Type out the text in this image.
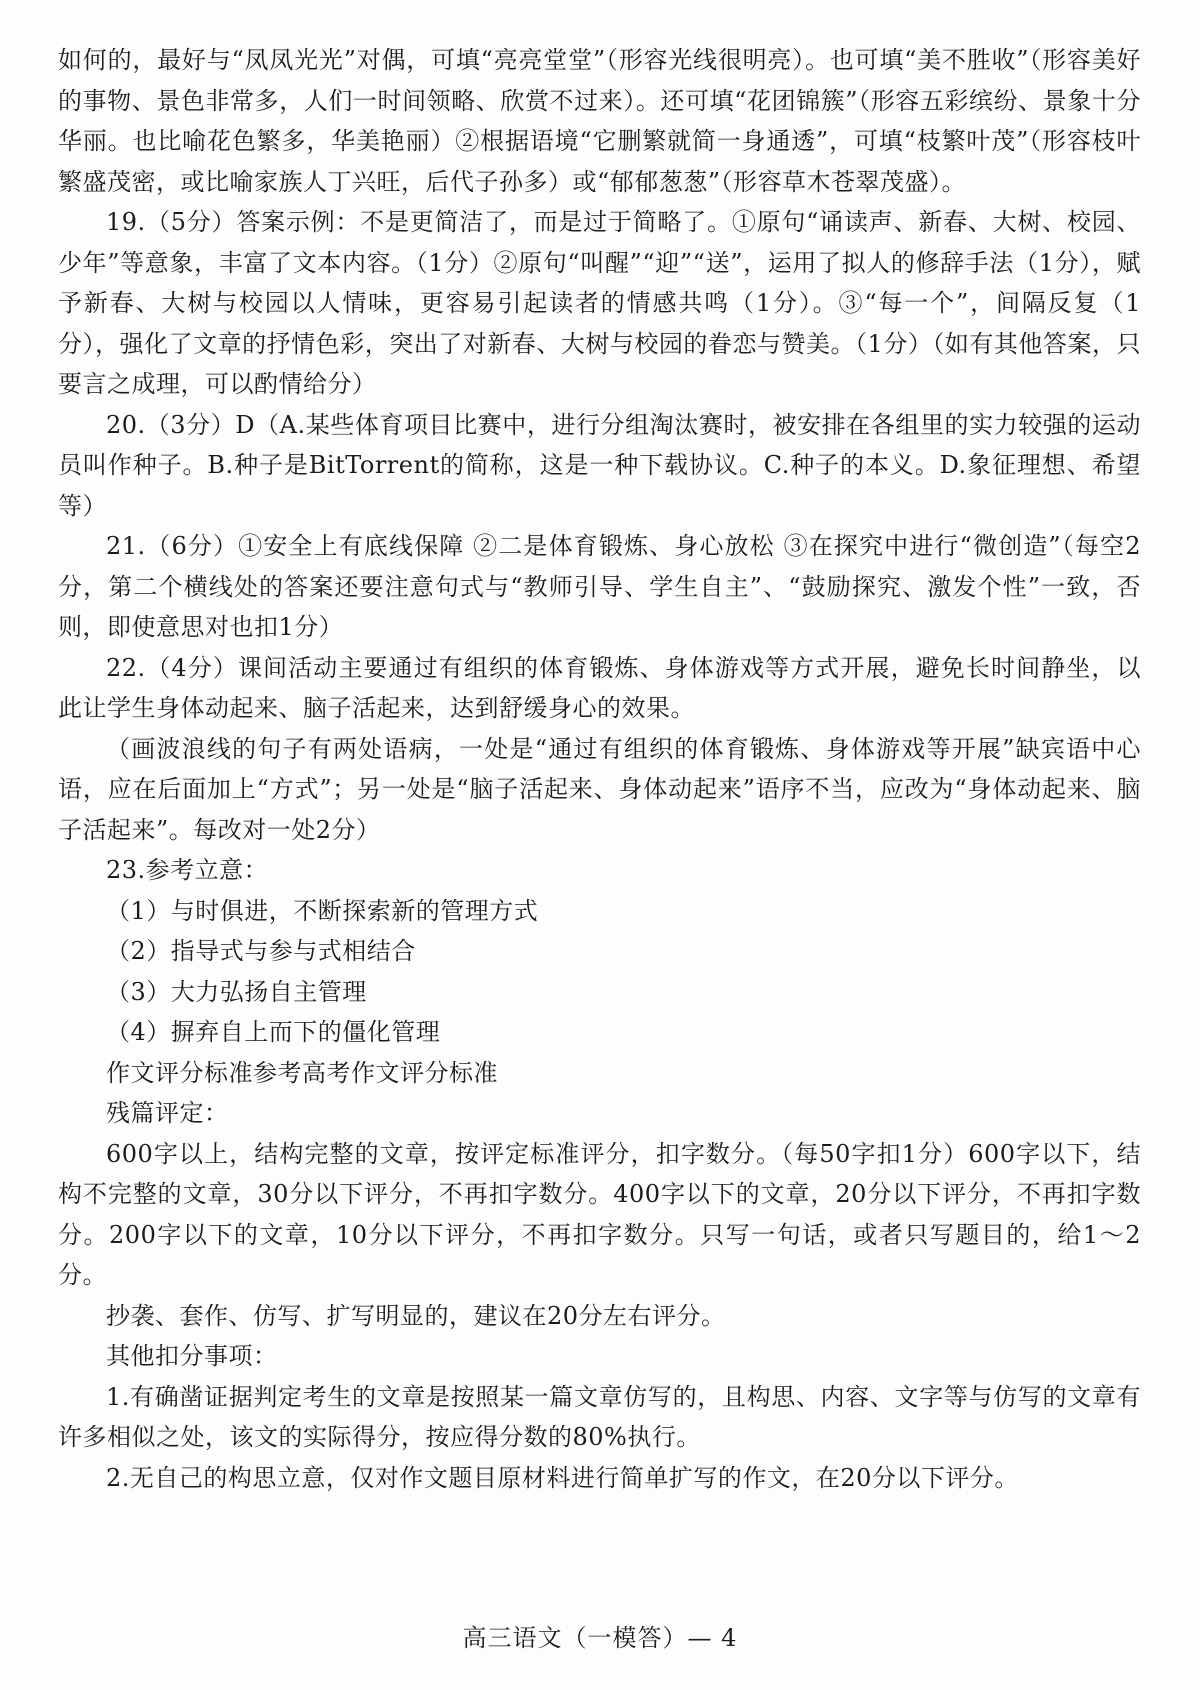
如何的，最好与“凤凤光光”对偶，可填“亮亮堂堂”（形容光线很明亮）。也可填“美不胜收”（形容美好的事物、景色非常多，人们一时间领略、欣赏不过来）。还可填“花团锦簇”（形容五彩缤纷、景象十分华丽。也比喻花色繁多，华美艳丽）②根据语境“它删繁就简一身通透”，可填“枝繁叶茂”（形容枝叶繁盛茂密，或比喻家族人丁兴旺，后代子孙多）或“郁郁葱葱”（形容草木苍翠茂盛）。

19.（5分）答案示例：不是更简洁了，而是过于简略了。①原句“诵读声、新春、大树、校园、少年”等意象，丰富了文本内容。（1分）②原句“叫醒”“迎”“送”，运用了拟人的修辞手法（1分），赋予新春、大树与校园以人情味，更容易引起读者的情感共鸣（1分）。③“每一个”，间隔反复（1分），强化了文章的抒情色彩，突出了对新春、大树与校园的眷恋与赞美。（1分）（如有其他答案，只要言之成理，可以酌情给分）

20.（3分）D（A.某些体育项目比赛中，进行分组淘汰赛时，被安排在各组里的实力较强的运动员叫作种子。B.种子是BitTorrent的简称，这是一种下载协议。C.种子的本义。D.象征理想、希望等）

21.（6分）①安全上有底线保障 ②二是体育锻炼、身心放松 ③在探究中进行“微创造”（每空2分，第二个横线处的答案还要注意句式与“教师引导、学生自主”、“鼓励探究、激发个性”一致，否则，即使意思对也扣1分）

22.（4分）课间活动主要通过有组织的体育锻炼、身体游戏等方式开展，避免长时间静坐，以此让学生身体动起来、脑子活起来，达到舒缓身心的效果。

（画波浪线的句子有两处语病，一处是“通过有组织的体育锻炼、身体游戏等开展”缺宾语中心语，应在后面加上“方式”；另一处是“脑子活起来、身体动起来”语序不当，应改为“身体动起来、脑子活起来”。每改对一处2分）

23.参考立意：

（1）与时俱进，不断探索新的管理方式

（2）指导式与参与式相结合

（3）大力弘扬自主管理

（4）摒弃自上而下的僵化管理

作文评分标准参考高考作文评分标准

残篇评定：

600字以上，结构完整的文章，按评定标准评分，扣字数分。（每50字扣1分）600字以下，结构不完整的文章，30分以下评分，不再扣字数分。400字以下的文章，20分以下评分，不再扣字数分。200字以下的文章，10分以下评分，不再扣字数分。只写一句话，或者只写题目的，给1～2分。

抄袭、套作、仿写、扩写明显的，建议在20分左右评分。

其他扣分事项：

1.有确凿证据判定考生的文章是按照某一篇文章仿写的，且构思、内容、文字等与仿写的文章有许多相似之处，该文的实际得分，按应得分数的80%执行。

2.无自己的构思立意，仅对作文题目原材料进行简单扩写的作文，在20分以下评分。

高三语文（一模答）— 4
